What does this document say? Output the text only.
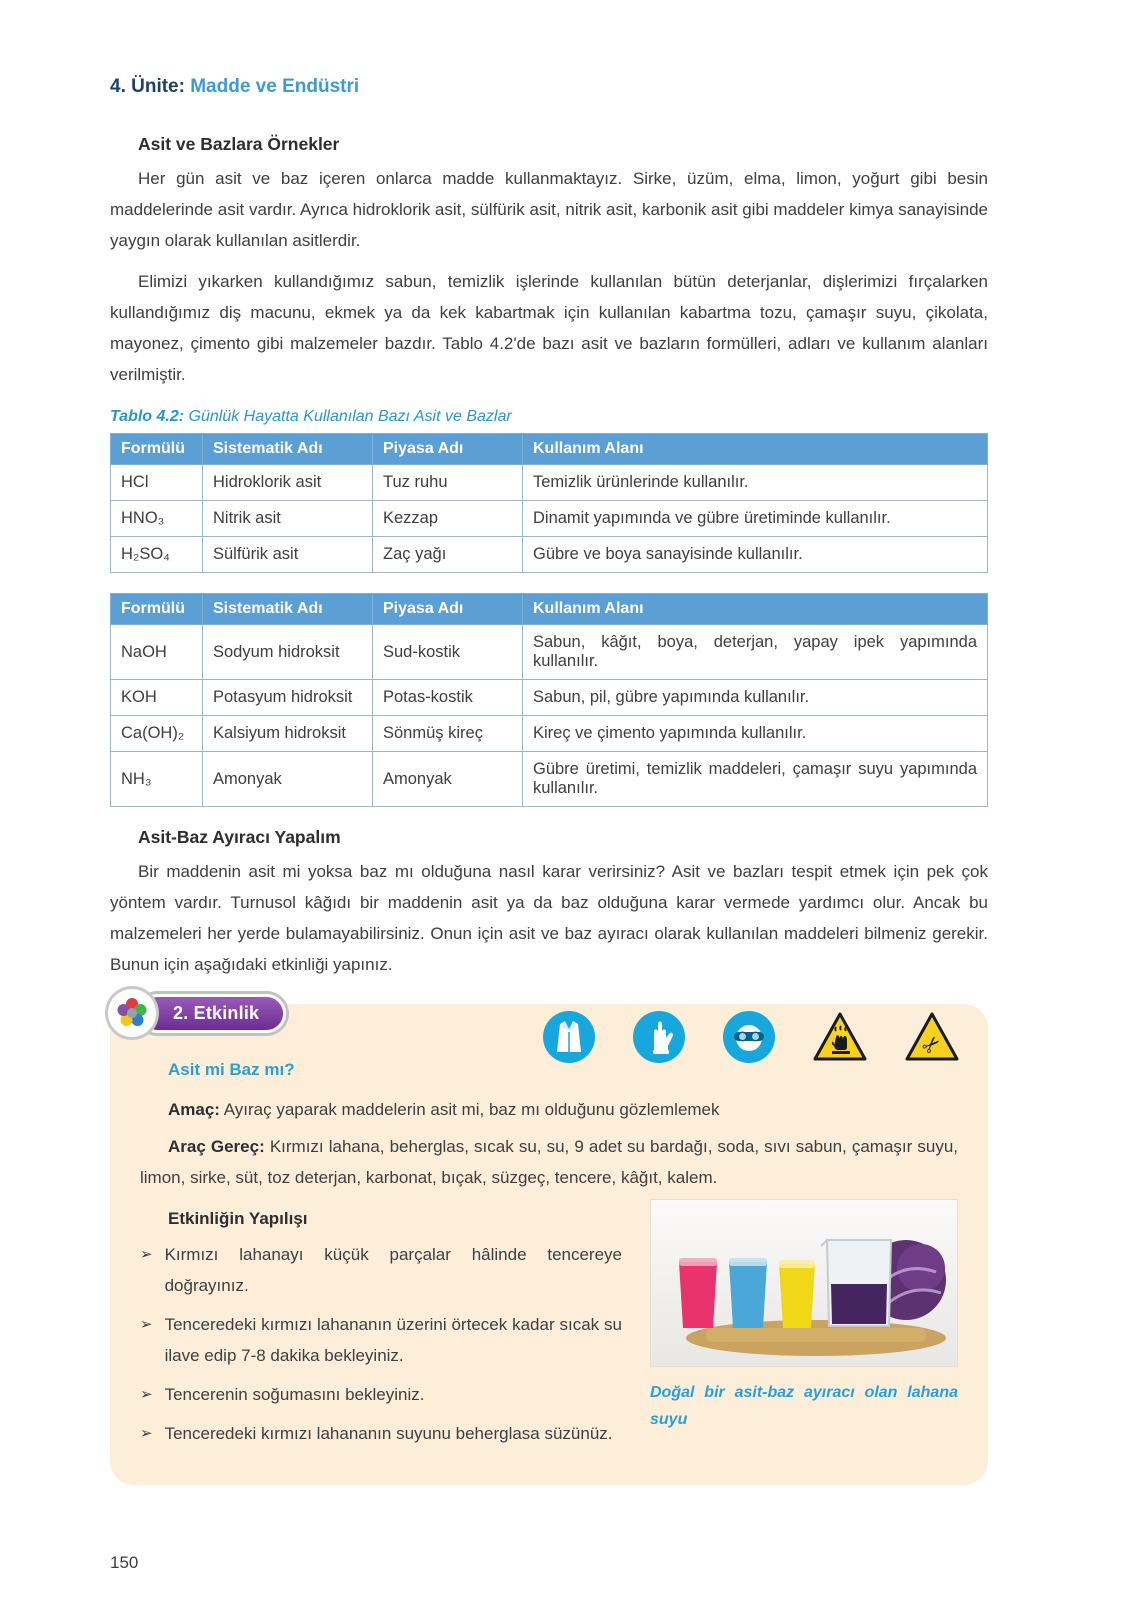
4. Ünite: Madde ve Endüstri
Asit ve Bazlara Örnekler

Her gün asit ve baz içeren onlarca madde kullanmaktayız. Sirke, üzüm, elma, limon, yoğurt gibi besin maddelerinde asit vardır. Ayrıca hidroklorik asit, sülfürik asit, nitrik asit, karbonik asit gibi maddeler kimya sanayisinde yaygın olarak kullanılan asitlerdir.

Elimizi yıkarken kullandığımız sabun, temizlik işlerinde kullanılan bütün deterjanlar, dişlerimizi fırçalarken kullandığımız diş macunu, ekmek ya da kek kabartmak için kullanılan kabartma tozu, çamaşır suyu, çikolata, mayonez, çimento gibi malzemeler bazdır. Tablo 4.2'de bazı asit ve bazların formülleri, adları ve kullanım alanları verilmiştir.

Tablo 4.2: Günlük Hayatta Kullanılan Bazı Asit ve Bazlar
Formülü	Sistematik Adı	Piyasa Adı	Kullanım Alanı
HCl	Hidroklorik asit	Tuz ruhu	Temizlik ürünlerinde kullanılır.
HNO₃	Nitrik asit	Kezzap	Dinamit yapımında ve gübre üretiminde kullanılır.
H₂SO₄	Sülfürik asit	Zaç yağı	Gübre ve boya sanayisinde kullanılır.
Formülü	Sistematik Adı	Piyasa Adı	Kullanım Alanı
NaOH	Sodyum hidroksit	Sud-kostik	Sabun, kâğıt, boya, deterjan, yapay ipek yapımında kullanılır.
KOH	Potasyum hidroksit	Potas-kostik	Sabun, pil, gübre yapımında kullanılır.
Ca(OH)₂	Kalsiyum hidroksit	Sönmüş kireç	Kireç ve çimento yapımında kullanılır.
NH₃	Amonyak	Amonyak	Gübre üretimi, temizlik maddeleri, çamaşır suyu yapımında kullanılır.
Asit-Baz Ayıracı Yapalım

Bir maddenin asit mi yoksa baz mı olduğuna nasıl karar verirsiniz? Asit ve bazları tespit etmek için pek çok yöntem vardır. Turnusol kâğıdı bir maddenin asit ya da baz olduğuna karar vermede yardımcı olur. Ancak bu malzemeleri her yerde bulamayabilirsiniz. Onun için asit ve baz ayıracı olarak kullanılan maddeleri bilmeniz gerekir. Bunun için aşağıdaki etkinliği yapınız.

2. Etkinlik
✂
Asit mi Baz mı?

Amaç: Ayıraç yaparak maddelerin asit mi, baz mı olduğunu gözlemlemek

Araç Gereç: Kırmızı lahana, beherglas, sıcak su, su, 9 adet su bardağı, soda, sıvı sabun, çamaşır suyu, limon, sirke, süt, toz deterjan, karbonat, bıçak, süzgeç, tencere, kâğıt, kalem.

Etkinliğin Yapılışı
➢ Kırmızı lahanayı küçük parçalar hâlinde tencereye doğrayınız.
➢ Tenceredeki kırmızı lahananın üzerini örtecek kadar sıcak su ilave edip 7-8 dakika bekleyiniz.
➢ Tencerenin soğumasını bekleyiniz.
➢ Tenceredeki kırmızı lahananın suyunu beherglasa süzünüz.
Doğal bir asit-baz ayıracı olan lahana suyu
150
